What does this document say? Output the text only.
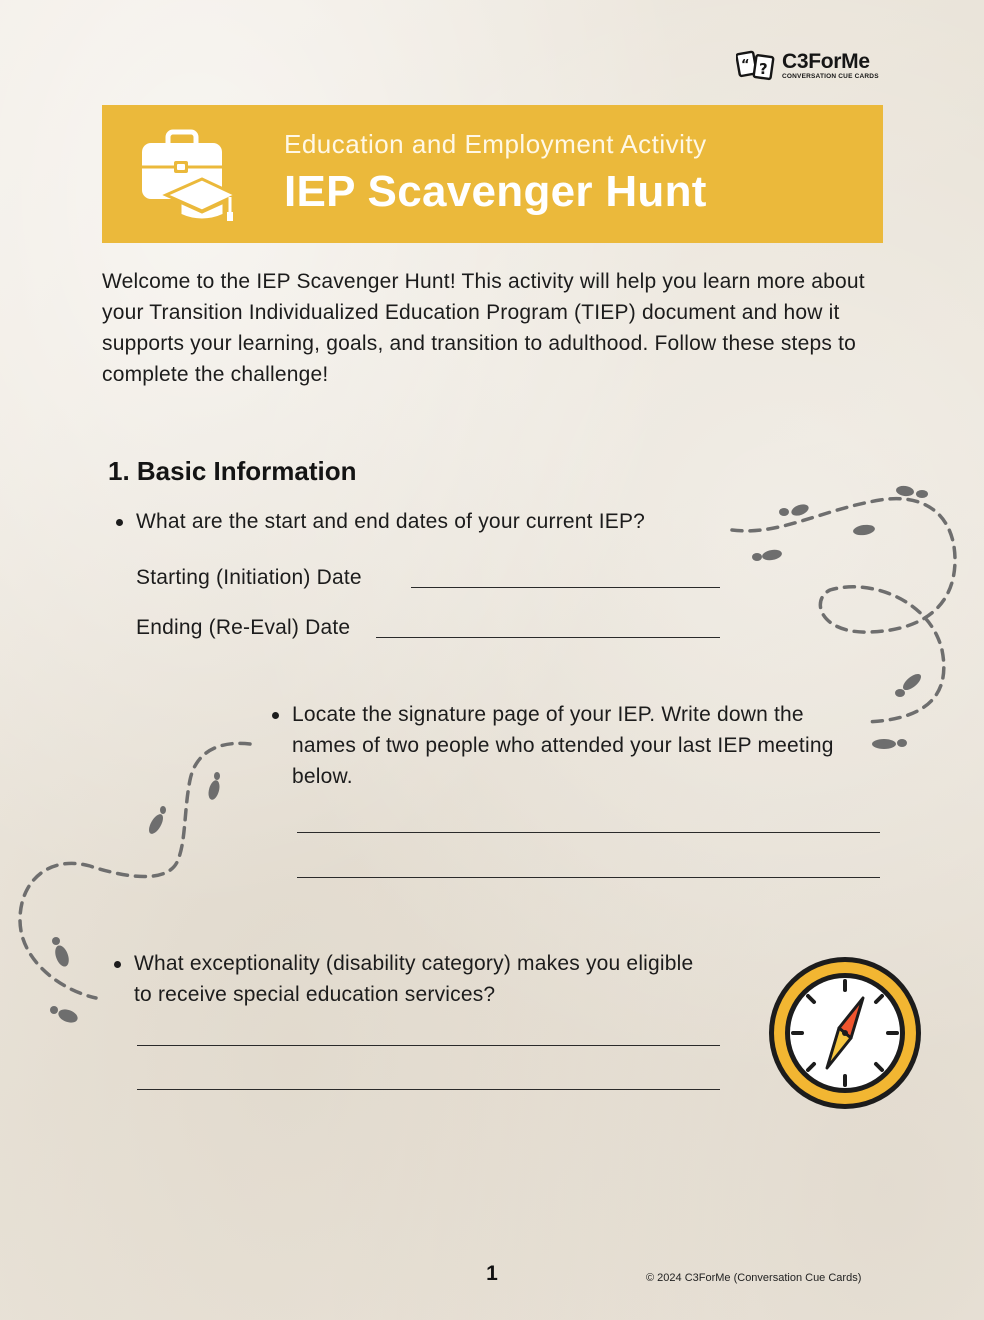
“ ? C3ForMe
CONVERSATION CUE CARDS
Education and Employment Activity
IEP Scavenger Hunt

Welcome to the IEP Scavenger Hunt! This activity will help you learn more about your Transition Individualized Education Program (TIEP) document and how it supports your learning, goals, and transition to adulthood. Follow these steps to complete the challenge!

1. Basic Information
What are the start and end dates of your current IEP?
Starting (Initiation) Date
Ending (Re-Eval) Date
Locate the signature page of your IEP. Write down the names of two people who attended your last IEP meeting below.
What exceptionality (disability category) makes you eligible to receive special education services?
1	© 2024 C3ForMe (Conversation Cue Cards)
